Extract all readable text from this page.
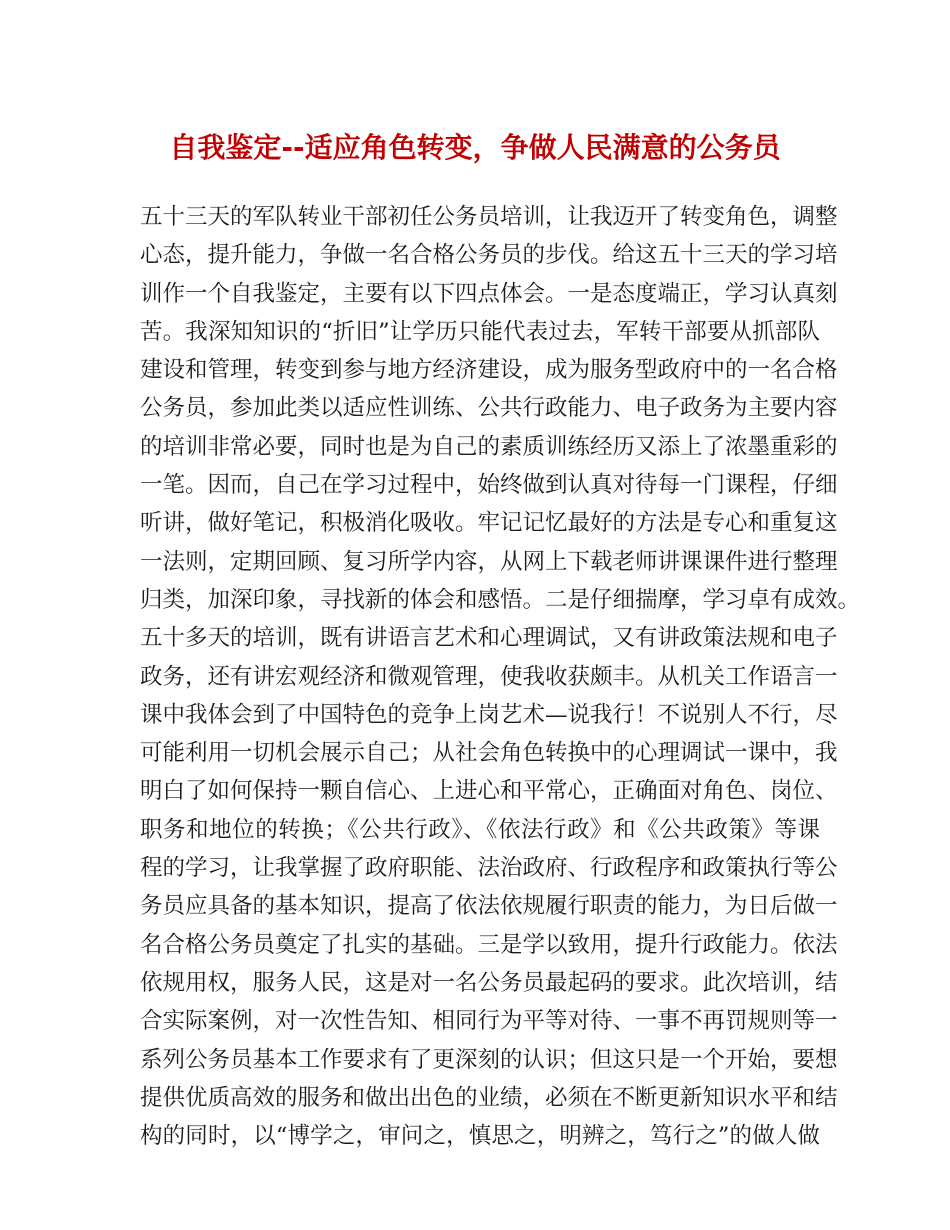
自我鉴定--适应角色转变，争做人民满意的公务员
五十三天的军队转业干部初任公务员培训，让我迈开了转变角色，调整
心态，提升能力，争做一名合格公务员的步伐。给这五十三天的学习培
训作一个自我鉴定，主要有以下四点体会。一是态度端正，学习认真刻
苦。我深知知识的“折旧”让学历只能代表过去，军转干部要从抓部队
建设和管理，转变到参与地方经济建设，成为服务型政府中的一名合格
公务员，参加此类以适应性训练、公共行政能力、电子政务为主要内容
的培训非常必要，同时也是为自己的素质训练经历又添上了浓墨重彩的
一笔。因而，自己在学习过程中，始终做到认真对待每一门课程，仔细
听讲，做好笔记，积极消化吸收。牢记记忆最好的方法是专心和重复这
一法则，定期回顾、复习所学内容，从网上下载老师讲课课件进行整理
归类，加深印象，寻找新的体会和感悟。二是仔细揣摩，学习卓有成效。
五十多天的培训，既有讲语言艺术和心理调试，又有讲政策法规和电子
政务，还有讲宏观经济和微观管理，使我收获颇丰。从机关工作语言一
课中我体会到了中国特色的竞争上岗艺术—说我行！不说别人不行，尽
可能利用一切机会展示自己；从社会角色转换中的心理调试一课中，我
明白了如何保持一颗自信心、上进心和平常心，正确面对角色、岗位、
职务和地位的转换；《公共行政》、《依法行政》和《公共政策》等课
程的学习，让我掌握了政府职能、法治政府、行政程序和政策执行等公
务员应具备的基本知识，提高了依法依规履行职责的能力，为日后做一
名合格公务员奠定了扎实的基础。三是学以致用，提升行政能力。依法
依规用权，服务人民，这是对一名公务员最起码的要求。此次培训，结
合实际案例，对一次性告知、相同行为平等对待、一事不再罚规则等一
系列公务员基本工作要求有了更深刻的认识；但这只是一个开始，要想
提供优质高效的服务和做出出色的业绩，必须在不断更新知识水平和结
构的同时，以“博学之，审问之，慎思之，明辨之，笃行之”的做人做
